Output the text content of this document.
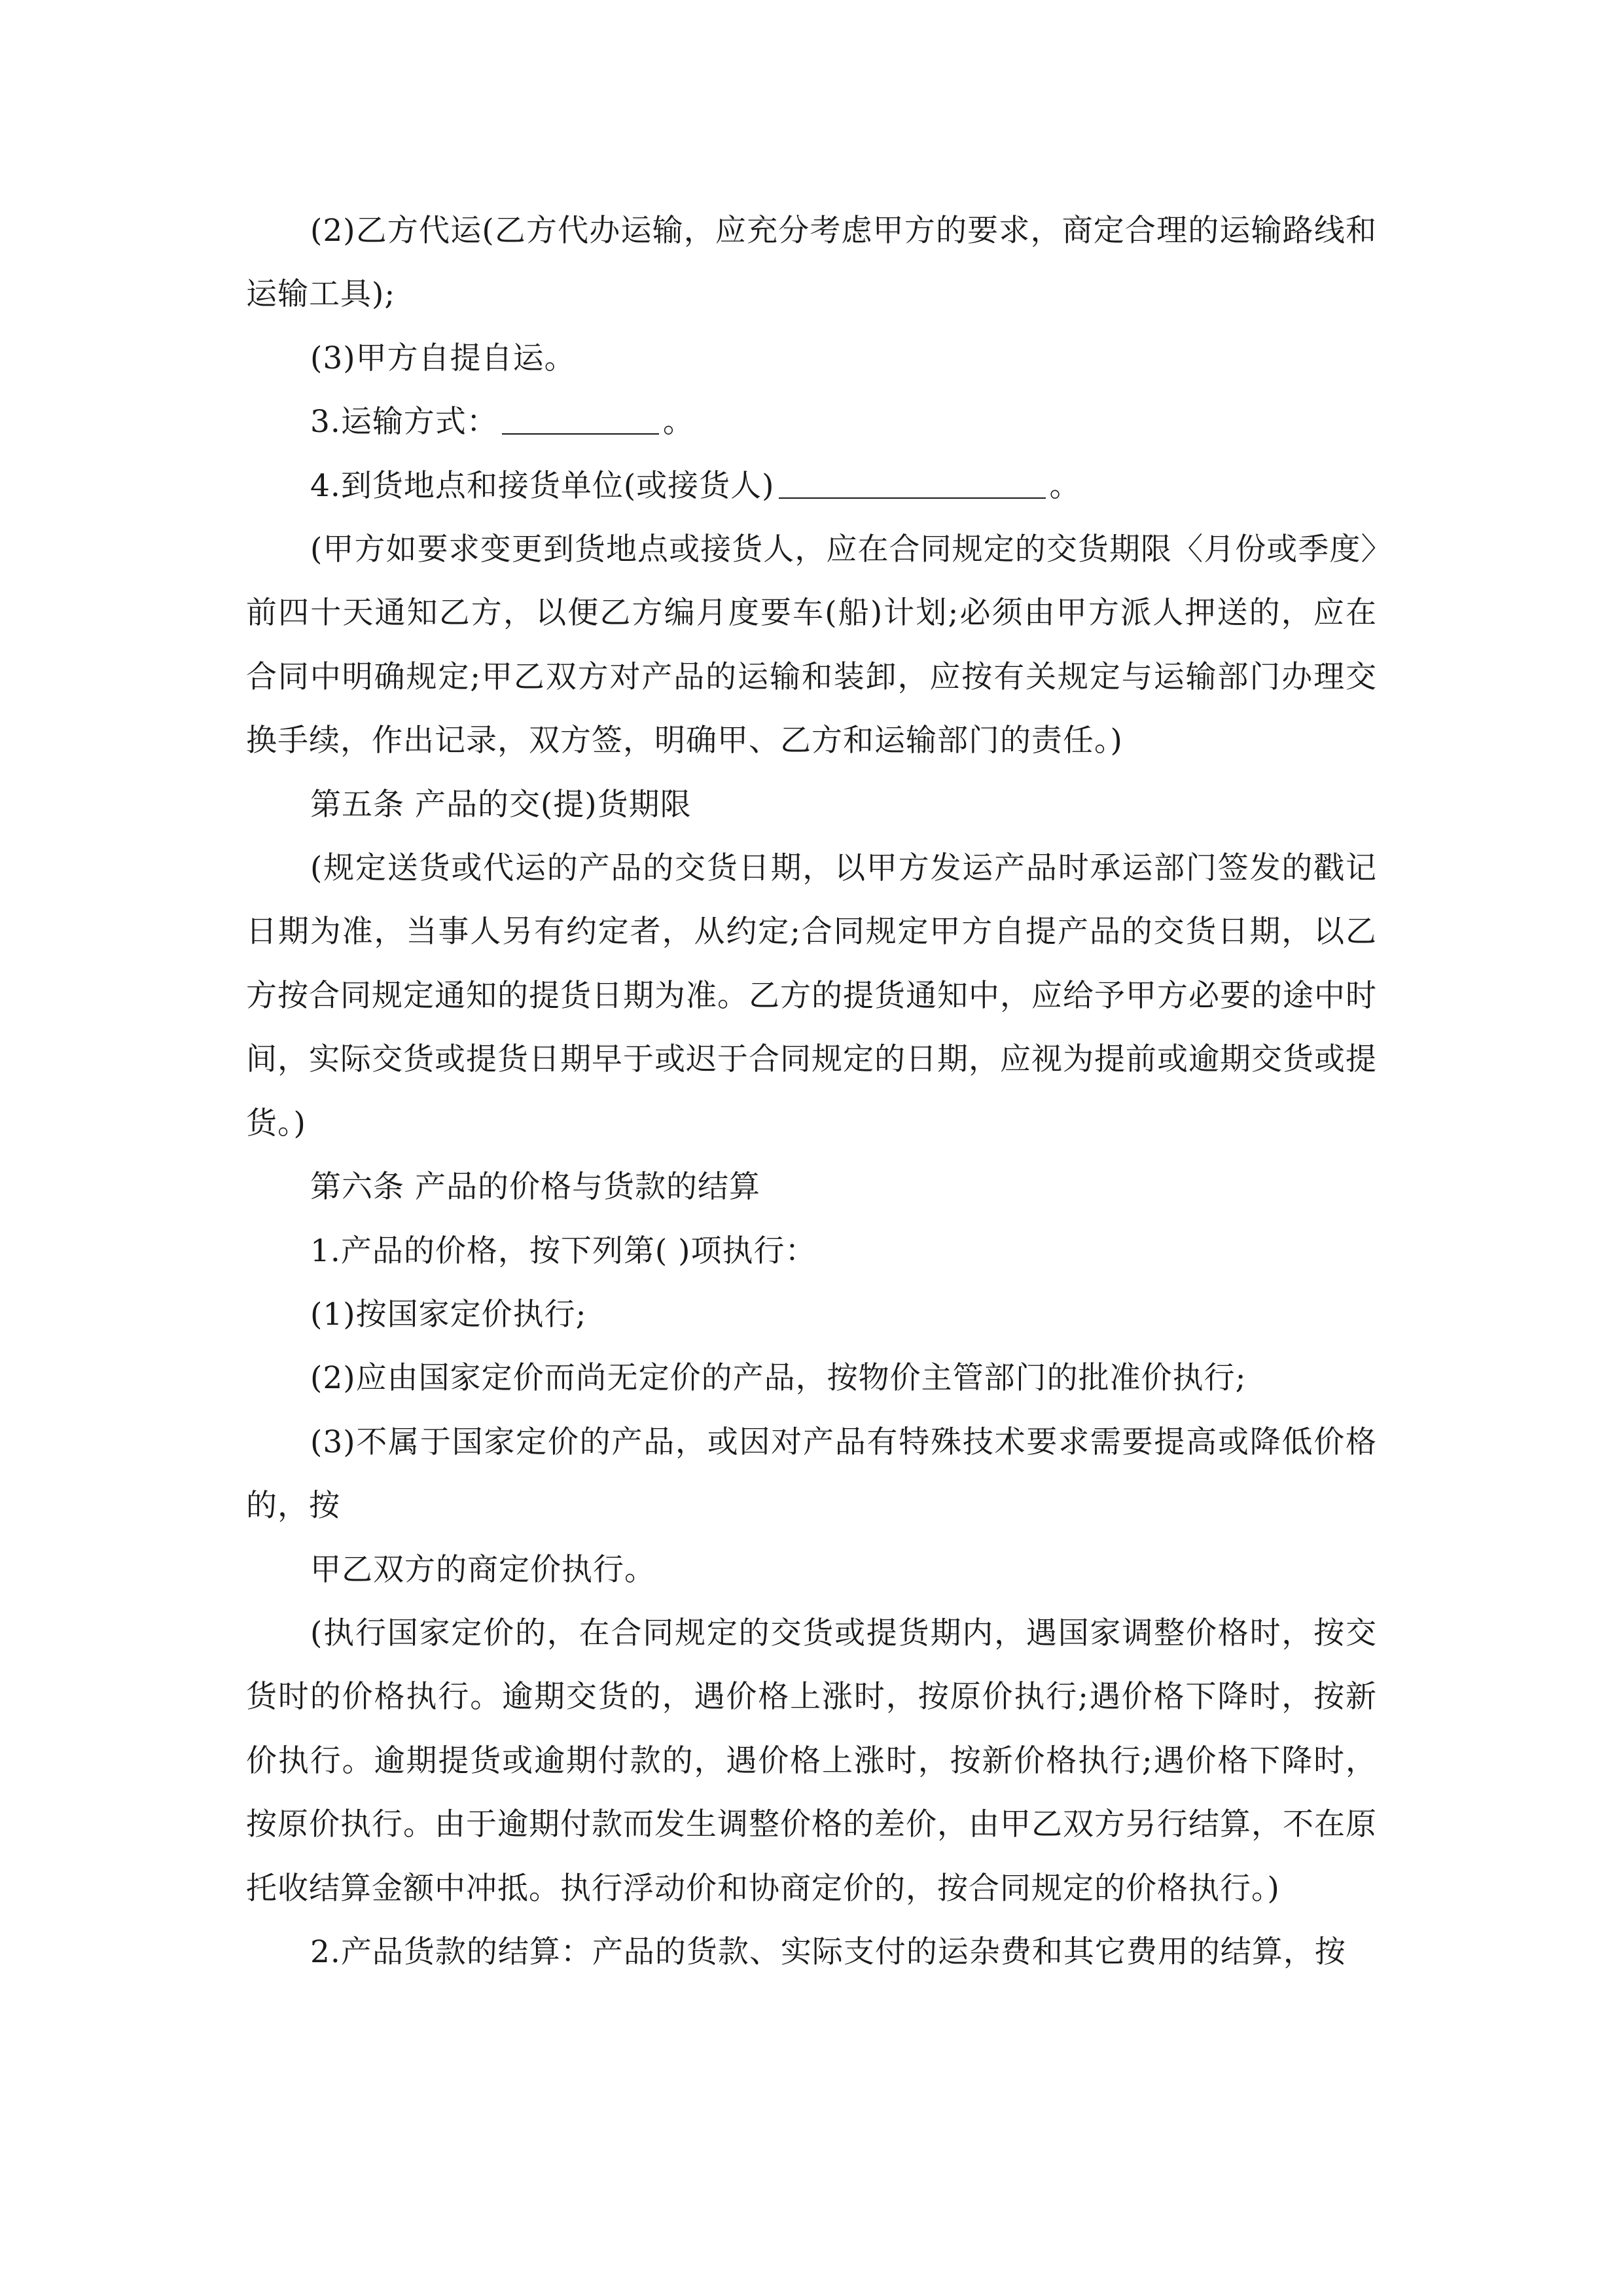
(2)乙方代运(乙方代办运输，应充分考虑甲方的要求，商定合理的运输路线和运输工具);

(3)甲方自提自运。

3.运输方式：	。

4.到货地点和接货单位(或接货人)	。

(甲方如要求变更到货地点或接货人，应在合同规定的交货期限〈月份或季度〉前四十天通知乙方，以便乙方编月度要车(船)计划;必须由甲方派人押送的，应在合同中明确规定;甲乙双方对产品的运输和装卸，应按有关规定与运输部门办理交换手续，作出记录，双方签，明确甲、乙方和运输部门的责任。)

第五条 产品的交(提)货期限

(规定送货或代运的产品的交货日期，以甲方发运产品时承运部门签发的戳记日期为准，当事人另有约定者，从约定;合同规定甲方自提产品的交货日期，以乙方按合同规定通知的提货日期为准。乙方的提货通知中，应给予甲方必要的途中时间，实际交货或提货日期早于或迟于合同规定的日期，应视为提前或逾期交货或提货。)

第六条 产品的价格与货款的结算

1.产品的价格，按下列第( )项执行：

(1)按国家定价执行;

(2)应由国家定价而尚无定价的产品，按物价主管部门的批准价执行;

(3)不属于国家定价的产品，或因对产品有特殊技术要求需要提高或降低价格的，按

甲乙双方的商定价执行。

(执行国家定价的，在合同规定的交货或提货期内，遇国家调整价格时，按交货时的价格执行。逾期交货的，遇价格上涨时，按原价执行;遇价格下降时，按新价执行。逾期提货或逾期付款的，遇价格上涨时，按新价格执行;遇价格下降时，按原价执行。由于逾期付款而发生调整价格的差价，由甲乙双方另行结算，不在原托收结算金额中冲抵。执行浮动价和协商定价的，按合同规定的价格执行。)

2.产品货款的结算：产品的货款、实际支付的运杂费和其它费用的结算，按
